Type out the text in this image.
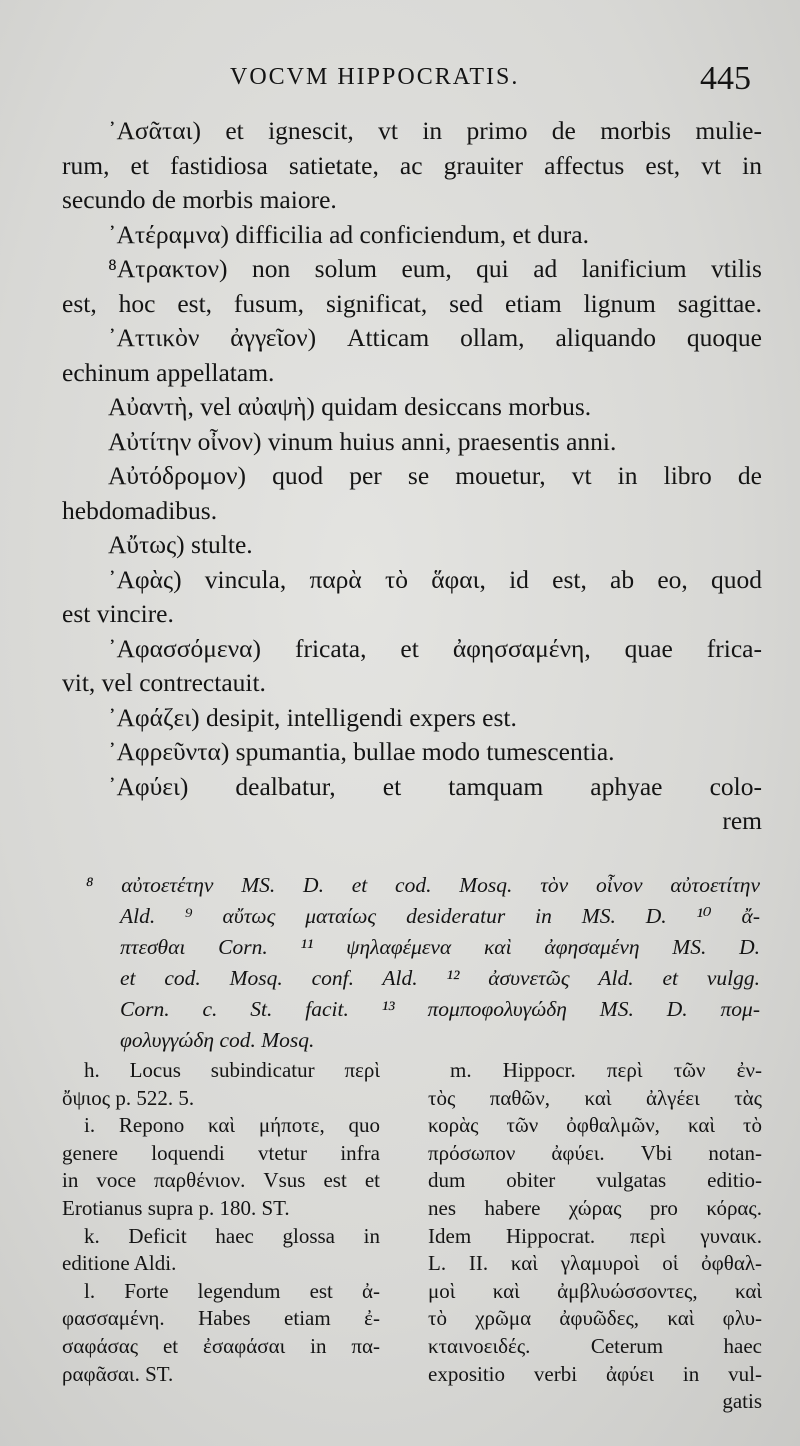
VOCVM HIPPOCRATIS.	445
᾿Ασᾶται) et ignescit, vt in primo de morbis mulie-
rum, et fastidiosa satietate, ac grauiter affectus est, vt in
secundo de morbis maiore.
᾿Ατέραμνα) difficilia ad conficiendum, et dura.
⁸Ατρακτον) non solum eum, qui ad lanificium vtilis
est, hoc est, fusum, significat, sed etiam lignum sagittae.
᾿Αττικὸν ἀγγεῖον) Atticam ollam, aliquando quoque
echinum appellatam.
Αὐαντὴ, vel αὐαψὴ) quidam desiccans morbus.
Αὐτίτην οἶνον) vinum huius anni, praesentis anni.
Αὐτόδρομον) quod per se mouetur, vt in libro de
hebdomadibus.
Αὔτως) stulte.
᾿Αφὰς) vincula, παρὰ τὸ ἅφαι, id est, ab eo, quod
est vincire.
᾿Αφασσόμενα) fricata, et ἀφησσαμένη, quae frica-
vit, vel contrectauit.
᾿Αφάζει) desipit, intelligendi expers est.
᾿Αφρεῦντα) spumantia, bullae modo tumescentia.
᾿Αφύει) dealbatur, et tamquam aphyae colo-
rem
⁸ αὐτοετέτην MS. D. et cod. Mosq. τὸν οἶνον αὐτοετίτην
Ald. ⁹ αὔτως ματαίως desideratur in MS. D. ¹⁰ ἄ-
πτεσθαι Corn. ¹¹ ψηλαφέμενα καὶ ἀφησαμένη MS. D.
et cod. Mosq. conf. Ald. ¹² ἀσυνετῶς Ald. et vulgg.
Corn. c. St. facit. ¹³ πομποφολυγώδη MS. D. πομ-
φολυγγώδη cod. Mosq.
h. Locus subindicatur περὶ
ὄψιος p. 522. 5.
i. Repono καὶ μήποτε, quo
genere loquendi vtetur infra
in voce παρθένιον. Vsus est et
Erotianus supra p. 180. ST.
k. Deficit haec glossa in
editione Aldi.
l. Forte legendum est ἀ-
φασσαμένη. Habes etiam ἐ-
σαφάσας et ἐσαφάσαι in πα-
ραφᾶσαι. ST.
m. Hippocr. περὶ τῶν ἐν-
τὸς παθῶν, καὶ ἀλγέει τὰς
κορὰς τῶν ὀφθαλμῶν, καὶ τὸ
πρόσωπον ἀφύει. Vbi notan-
dum obiter vulgatas editio-
nes habere χώρας pro κόρας.
Idem Hippocrat. περὶ γυναικ.
L. II. καὶ γλαμυροὶ οἱ ὀφθαλ-
μοὶ καὶ ἀμβλυώσσοντες, καὶ
τὸ χρῶμα ἀφυῶδες, καὶ φλυ-
κταινοειδές. Ceterum haec
expositio verbi ἀφύει in vul-
gatis
